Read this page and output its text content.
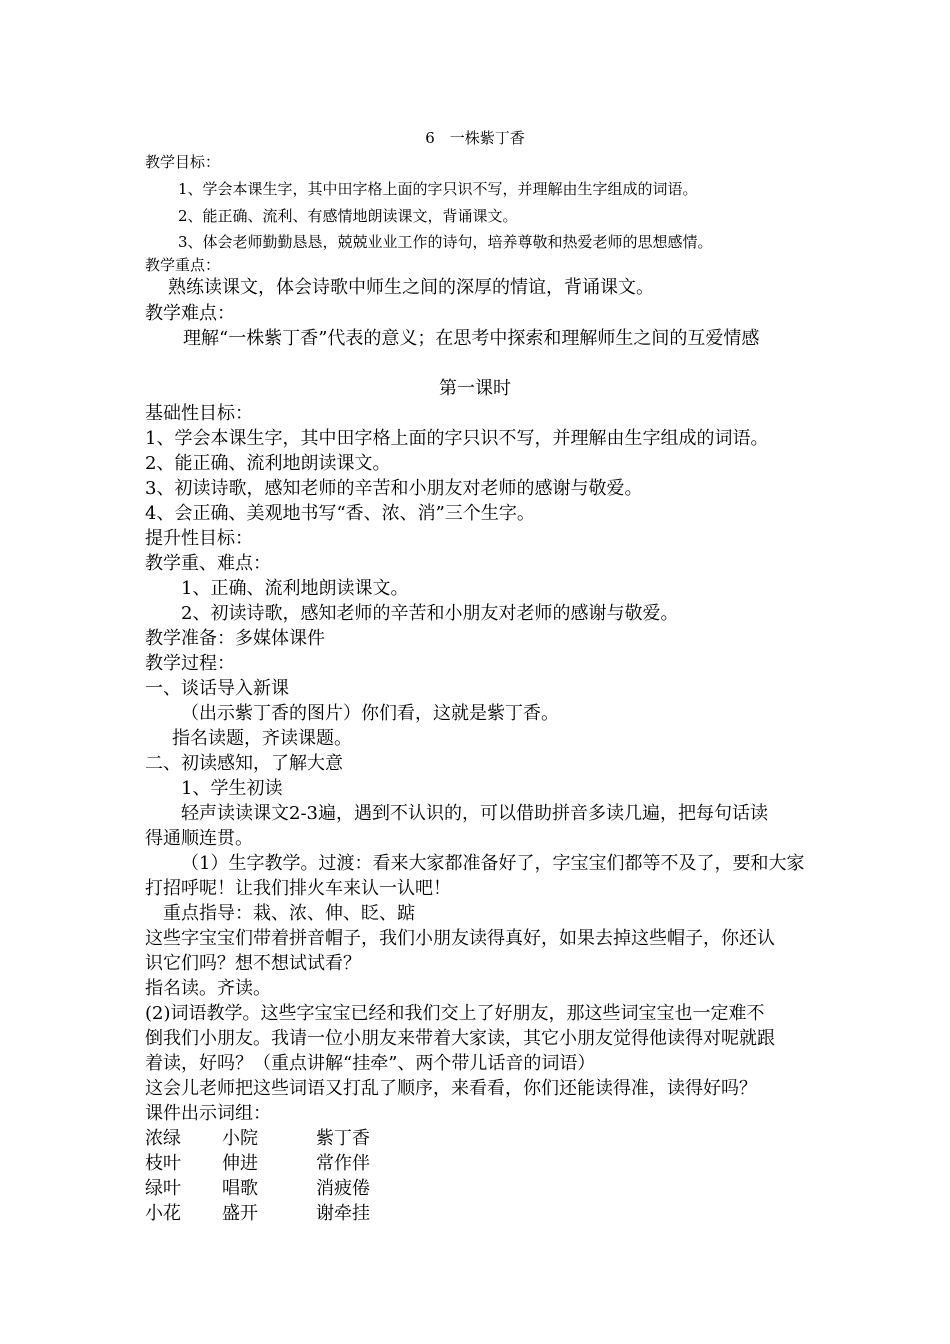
6　一株紫丁香
教学目标：
1、学会本课生字，其中田字格上面的字只识不写，并理解由生字组成的词语。
2、能正确、流利、有感情地朗读课文，背诵课文。
3、体会老师勤勤恳恳，兢兢业业工作的诗句，培养尊敬和热爱老师的思想感情。
教学重点：
熟练读课文，体会诗歌中师生之间的深厚的情谊，背诵课文。
教学难点：
理解“一株紫丁香”代表的意义；在思考中探索和理解师生之间的互爱情感
第一课时
基础性目标：
1、学会本课生字，其中田字格上面的字只识不写，并理解由生字组成的词语。
2、能正确、流利地朗读课文。
3、初读诗歌，感知老师的辛苦和小朋友对老师的感谢与敬爱。
4、会正确、美观地书写“香、浓、消”三个生字。
提升性目标：
教学重、难点：
1、正确、流利地朗读课文。
2、初读诗歌，感知老师的辛苦和小朋友对老师的感谢与敬爱。
教学准备：多媒体课件
教学过程：
一、谈话导入新课
（出示紫丁香的图片）你们看，这就是紫丁香。
指名读题，齐读课题。
二、初读感知，了解大意
1、学生初读
轻声读读课文2-3遍，遇到不认识的，可以借助拼音多读几遍，把每句话读
得通顺连贯。
（1）生字教学。过渡：看来大家都准备好了，字宝宝们都等不及了，要和大家
打招呼呢！让我们排火车来认一认吧！
重点指导：栽、浓、伸、眨、踮
这些字宝宝们带着拼音帽子，我们小朋友读得真好，如果去掉这些帽子，你还认
识它们吗？想不想试试看？
指名读。齐读。
(2)词语教学。这些字宝宝已经和我们交上了好朋友，那这些词宝宝也一定难不
倒我们小朋友。我请一位小朋友来带着大家读，其它小朋友觉得他读得对呢就跟
着读，好吗？（重点讲解“挂牵”、两个带儿话音的词语）
这会儿老师把这些词语又打乱了顺序，来看看，你们还能读得准，读得好吗？
课件出示词组：
浓绿 小院	紫丁香
枝叶 伸进	常作伴
绿叶 唱歌	消疲倦
小花 盛开	谢牵挂
